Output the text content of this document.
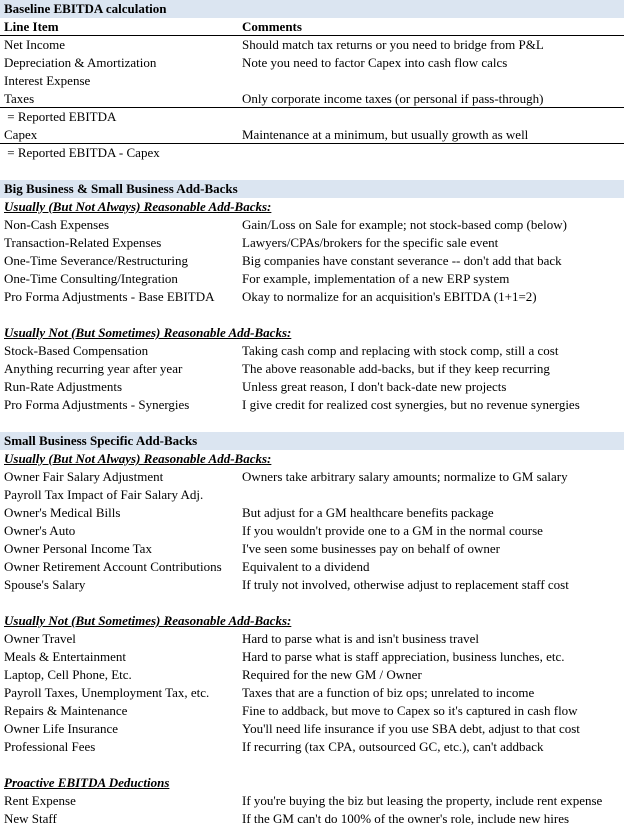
Baseline EBITDA calculation
Line Item	Comments
Net Income	Should match tax returns or you need to bridge from P&L
Depreciation & Amortization	Note you need to factor Capex into cash flow calcs
Interest Expense
Taxes	Only corporate income taxes (or personal if pass-through)
= Reported EBITDA
Capex	Maintenance at a minimum, but usually growth as well
= Reported EBITDA - Capex
Big Business & Small Business Add-Backs
Usually (But Not Always) Reasonable Add-Backs:
Non-Cash Expenses	Gain/Loss on Sale for example; not stock-based comp (below)
Transaction-Related Expenses	Lawyers/CPAs/brokers for the specific sale event
One-Time Severance/Restructuring	Big companies have constant severance -- don't add that back
One-Time Consulting/Integration	For example, implementation of a new ERP system
Pro Forma Adjustments - Base EBITDA	Okay to normalize for an acquisition's EBITDA (1+1=2)
Usually Not (But Sometimes) Reasonable Add-Backs:
Stock-Based Compensation	Taking cash comp and replacing with stock comp, still a cost
Anything recurring year after year	The above reasonable add-backs, but if they keep recurring
Run-Rate Adjustments	Unless great reason, I don't back-date new projects
Pro Forma Adjustments - Synergies	I give credit for realized cost synergies, but no revenue synergies
Small Business Specific Add-Backs
Usually (But Not Always) Reasonable Add-Backs:
Owner Fair Salary Adjustment	Owners take arbitrary salary amounts; normalize to GM salary
Payroll Tax Impact of Fair Salary Adj.
Owner's Medical Bills	But adjust for a GM healthcare benefits package
Owner's Auto	If you wouldn't provide one to a GM in the normal course
Owner Personal Income Tax	I've seen some businesses pay on behalf of owner
Owner Retirement Account Contributions	Equivalent to a dividend
Spouse's Salary	If truly not involved, otherwise adjust to replacement staff cost
Usually Not (But Sometimes) Reasonable Add-Backs:
Owner Travel	Hard to parse what is and isn't business travel
Meals & Entertainment	Hard to parse what is staff appreciation, business lunches, etc.
Laptop, Cell Phone, Etc.	Required for the new GM / Owner
Payroll Taxes, Unemployment Tax, etc.	Taxes that are a function of biz ops; unrelated to income
Repairs & Maintenance	Fine to addback, but move to Capex so it's captured in cash flow
Owner Life Insurance	You'll need life insurance if you use SBA debt, adjust to that cost
Professional Fees	If recurring (tax CPA, outsourced GC, etc.), can't addback
Proactive EBITDA Deductions
Rent Expense	If you're buying the biz but leasing the property, include rent expense
New Staff	If the GM can't do 100% of the owner's role, include new hires
